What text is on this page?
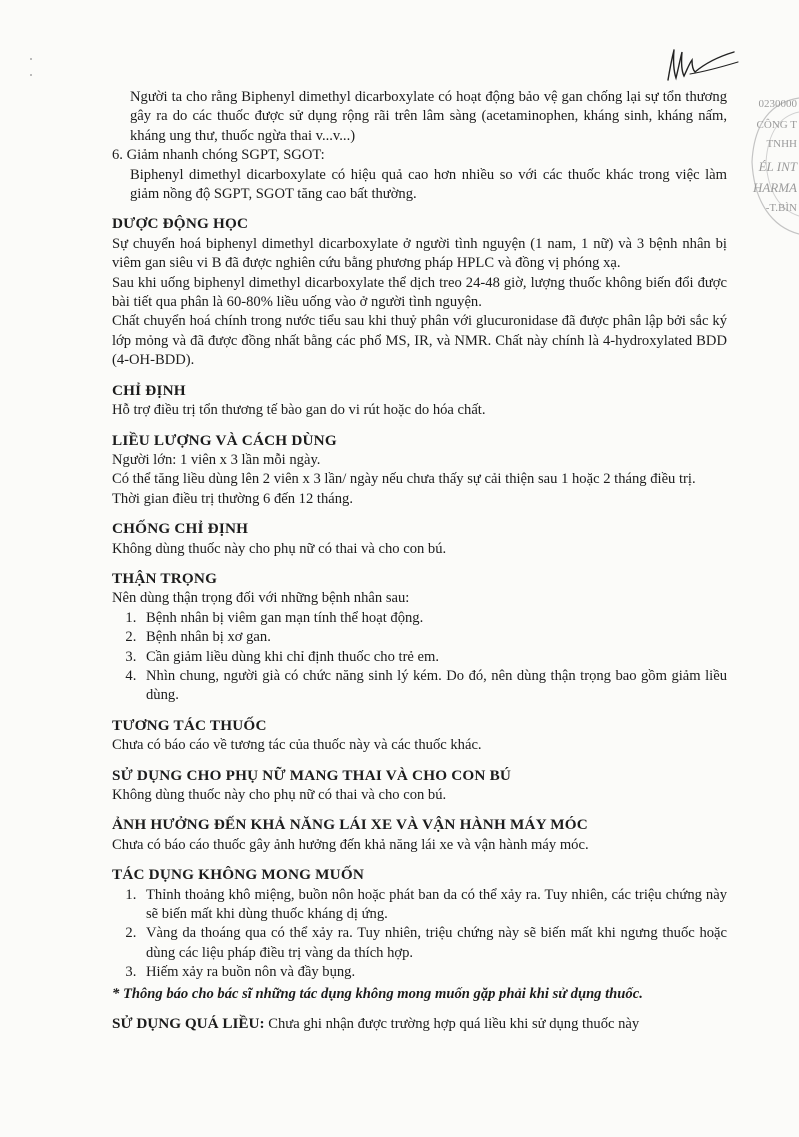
0230000
CÔNG T
TNHH
ÉL INT
HARMA
-T.BÌN

Người ta cho rằng Biphenyl dimethyl dicarboxylate có hoạt động bảo vệ gan chống lại sự tổn thương gây ra do các thuốc được sử dụng rộng rãi trên lâm sàng (acetaminophen, kháng sinh, kháng nấm, kháng ung thư, thuốc ngừa thai v...v...)

6. Giảm nhanh chóng SGPT, SGOT:

Biphenyl dimethyl dicarboxylate có hiệu quả cao hơn nhiều so với các thuốc khác trong việc làm giảm nồng độ SGPT, SGOT tăng cao bất thường.

DƯỢC ĐỘNG HỌC

Sự chuyển hoá biphenyl dimethyl dicarboxylate ở người tình nguyện (1 nam, 1 nữ) và 3 bệnh nhân bị viêm gan siêu vi B đã được nghiên cứu bằng phương pháp HPLC và đồng vị phóng xạ.

Sau khi uống biphenyl dimethyl dicarboxylate thể dịch treo 24-48 giờ, lượng thuốc không biến đổi được bài tiết qua phân là 60-80% liều uống vào ở người tình nguyện.

Chất chuyển hoá chính trong nước tiểu sau khi thuỷ phân với glucuronidase đã được phân lập bởi sắc ký lớp mỏng và đã được đồng nhất bằng các phổ MS, IR, và NMR. Chất này chính là 4-hydroxylated BDD (4-OH-BDD).

CHỈ ĐỊNH

Hỗ trợ điều trị tổn thương tế bào gan do vi rút hoặc do hóa chất.

LIỀU LƯỢNG VÀ CÁCH DÙNG

Người lớn: 1 viên x 3 lần mỗi ngày.

Có thể tăng liều dùng lên 2 viên x 3 lần/ ngày nếu chưa thấy sự cải thiện sau 1 hoặc 2 tháng điều trị.

Thời gian điều trị thường 6 đến 12 tháng.

CHỐNG CHỈ ĐỊNH

Không dùng thuốc này cho phụ nữ có thai và cho con bú.

THẬN TRỌNG

Nên dùng thận trọng đối với những bệnh nhân sau:

1. Bệnh nhân bị viêm gan mạn tính thể hoạt động.
2. Bệnh nhân bị xơ gan.
3. Cần giảm liều dùng khi chỉ định thuốc cho trẻ em.
4. Nhìn chung, người già có chức năng sinh lý kém. Do đó, nên dùng thận trọng bao gồm giảm liều dùng.
TƯƠNG TÁC THUỐC

Chưa có báo cáo về tương tác của thuốc này và các thuốc khác.

SỬ DỤNG CHO PHỤ NỮ MANG THAI VÀ CHO CON BÚ

Không dùng thuốc này cho phụ nữ có thai và cho con bú.

ẢNH HƯỞNG ĐẾN KHẢ NĂNG LÁI XE VÀ VẬN HÀNH MÁY MÓC

Chưa có báo cáo thuốc gây ảnh hưởng đến khả năng lái xe và vận hành máy móc.

TÁC DỤNG KHÔNG MONG MUỐN
1. Thỉnh thoảng khô miệng, buồn nôn hoặc phát ban da có thể xảy ra. Tuy nhiên, các triệu chứng này sẽ biến mất khi dùng thuốc kháng dị ứng.
2. Vàng da thoáng qua có thể xảy ra. Tuy nhiên, triệu chứng này sẽ biến mất khi ngưng thuốc hoặc dùng các liệu pháp điều trị vàng da thích hợp.
3. Hiếm xảy ra buồn nôn và đầy bụng.
* Thông báo cho bác sĩ những tác dụng không mong muốn gặp phải khi sử dụng thuốc.
SỬ DỤNG QUÁ LIỀU: Chưa ghi nhận được trường hợp quá liều khi sử dụng thuốc này
